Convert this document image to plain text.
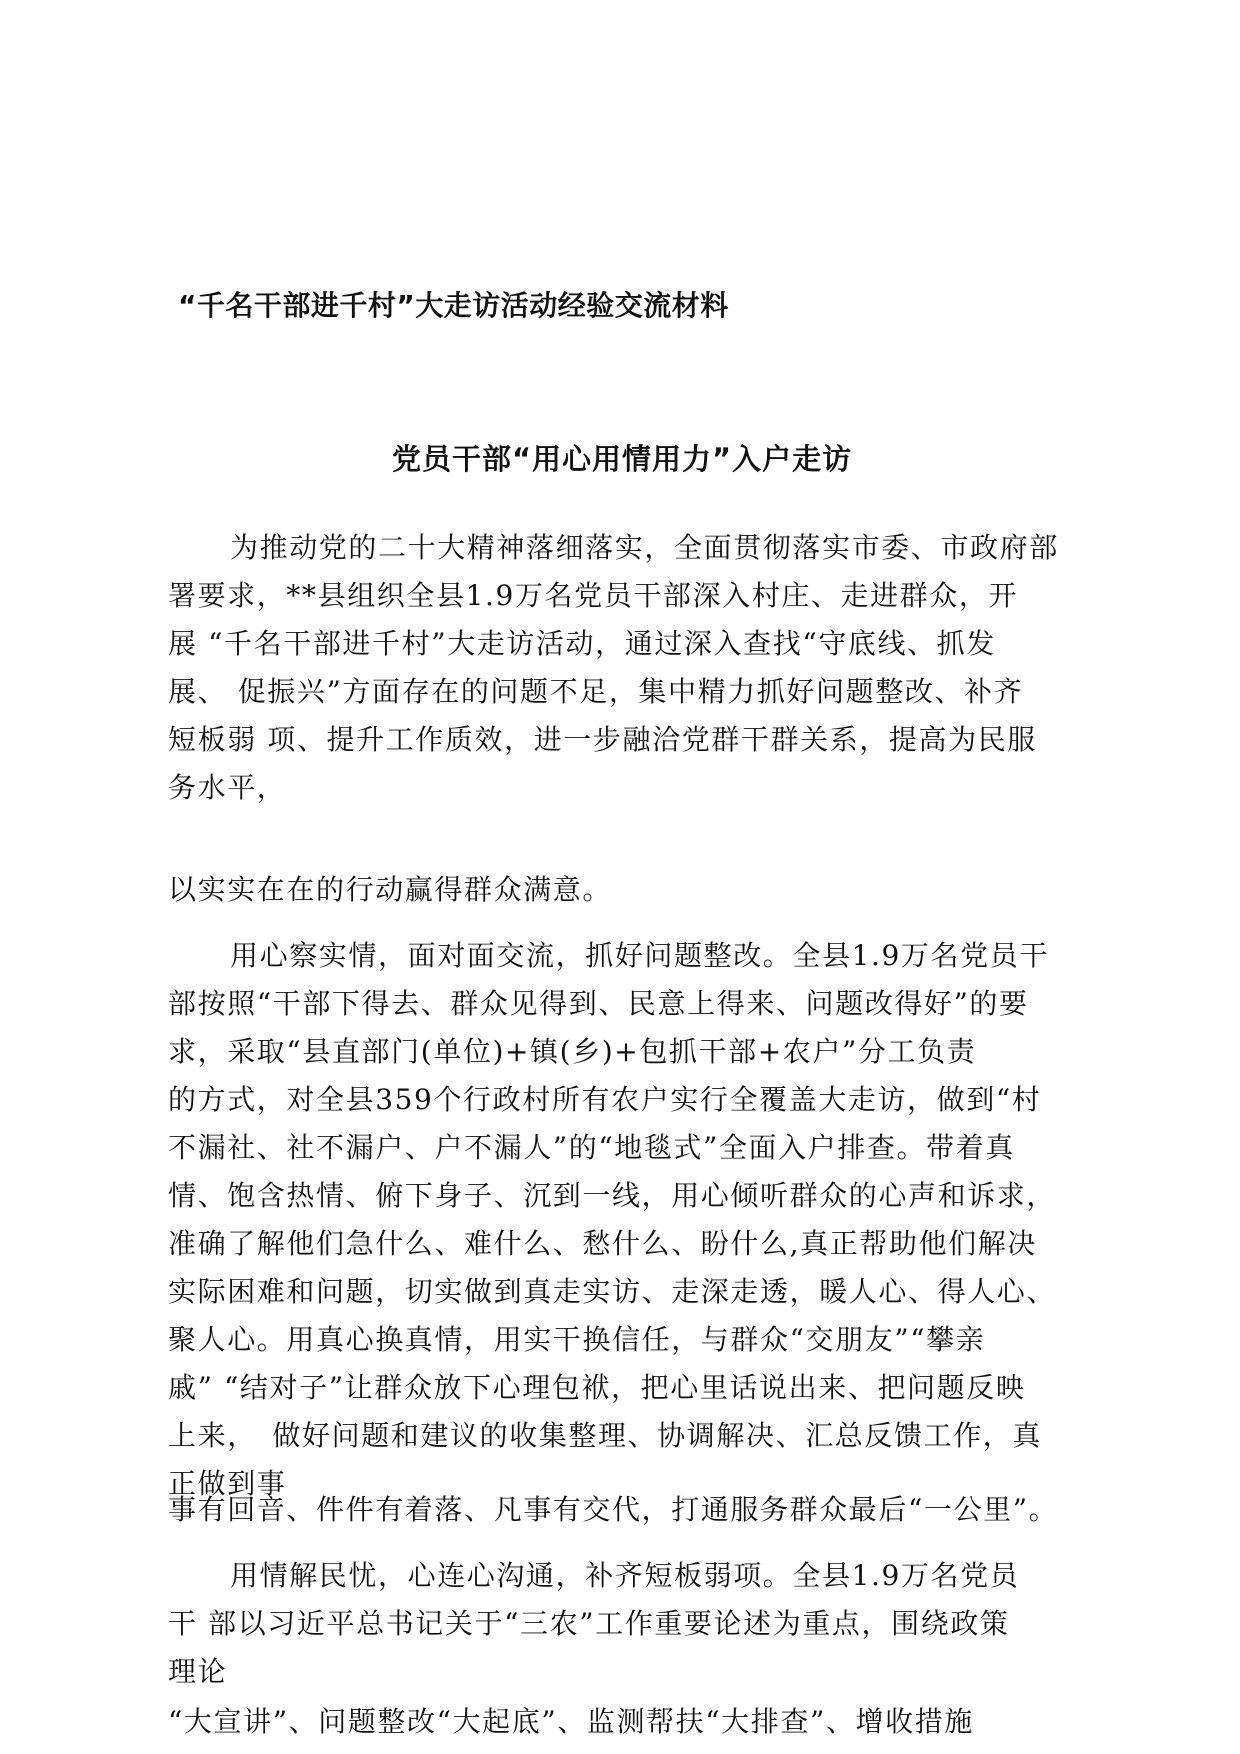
“千名干部进千村”大走访活动经验交流材料
党员干部“用心用情用力”入户走访
为推动党的二十大精神落细落实，全面贯彻落实市委、市政府部
署要求，**县组织全县1.9万名党员干部深入村庄、走进群众，开
展 “千名干部进千村”大走访活动，通过深入查找“守底线、抓发
展、 促振兴”方面存在的问题不足，集中精力抓好问题整改、补齐
短板弱 项、提升工作质效，进一步融洽党群干群关系，提高为民服
务水平，
以实实在在的行动赢得群众满意。
用心察实情，面对面交流，抓好问题整改。全县1.9万名党员干
部按照“干部下得去、群众见得到、民意上得来、问题改得好”的要
求，采取“县直部门(单位)+镇(乡)+包抓干部+农户”分工负责
的方式，对全县359个行政村所有农户实行全覆盖大走访，做到“村
不漏社、社不漏户、户不漏人”的“地毯式”全面入户排查。带着真
情、饱含热情、俯下身子、沉到一线，用心倾听群众的心声和诉求，
准确了解他们急什么、难什么、愁什么、盼什么,真正帮助他们解决
实际困难和问题，切实做到真走实访、走深走透，暖人心、得人心、
聚人心。用真心换真情，用实干换信任，与群众“交朋友”“攀亲
戚” “结对子”让群众放下心理包袱，把心里话说出来、把问题反映
上来，　做好问题和建议的收集整理、协调解决、汇总反馈工作，真
正做到事
事有回音、件件有着落、凡事有交代，打通服务群众最后“一公里”。
用情解民忧，心连心沟通，补齐短板弱项。全县1.9万名党员
干 部以习近平总书记关于“三农”工作重要论述为重点，围绕政策
理论
“大宣讲”、问题整改“大起底”、监测帮扶“大排查”、增收措施
